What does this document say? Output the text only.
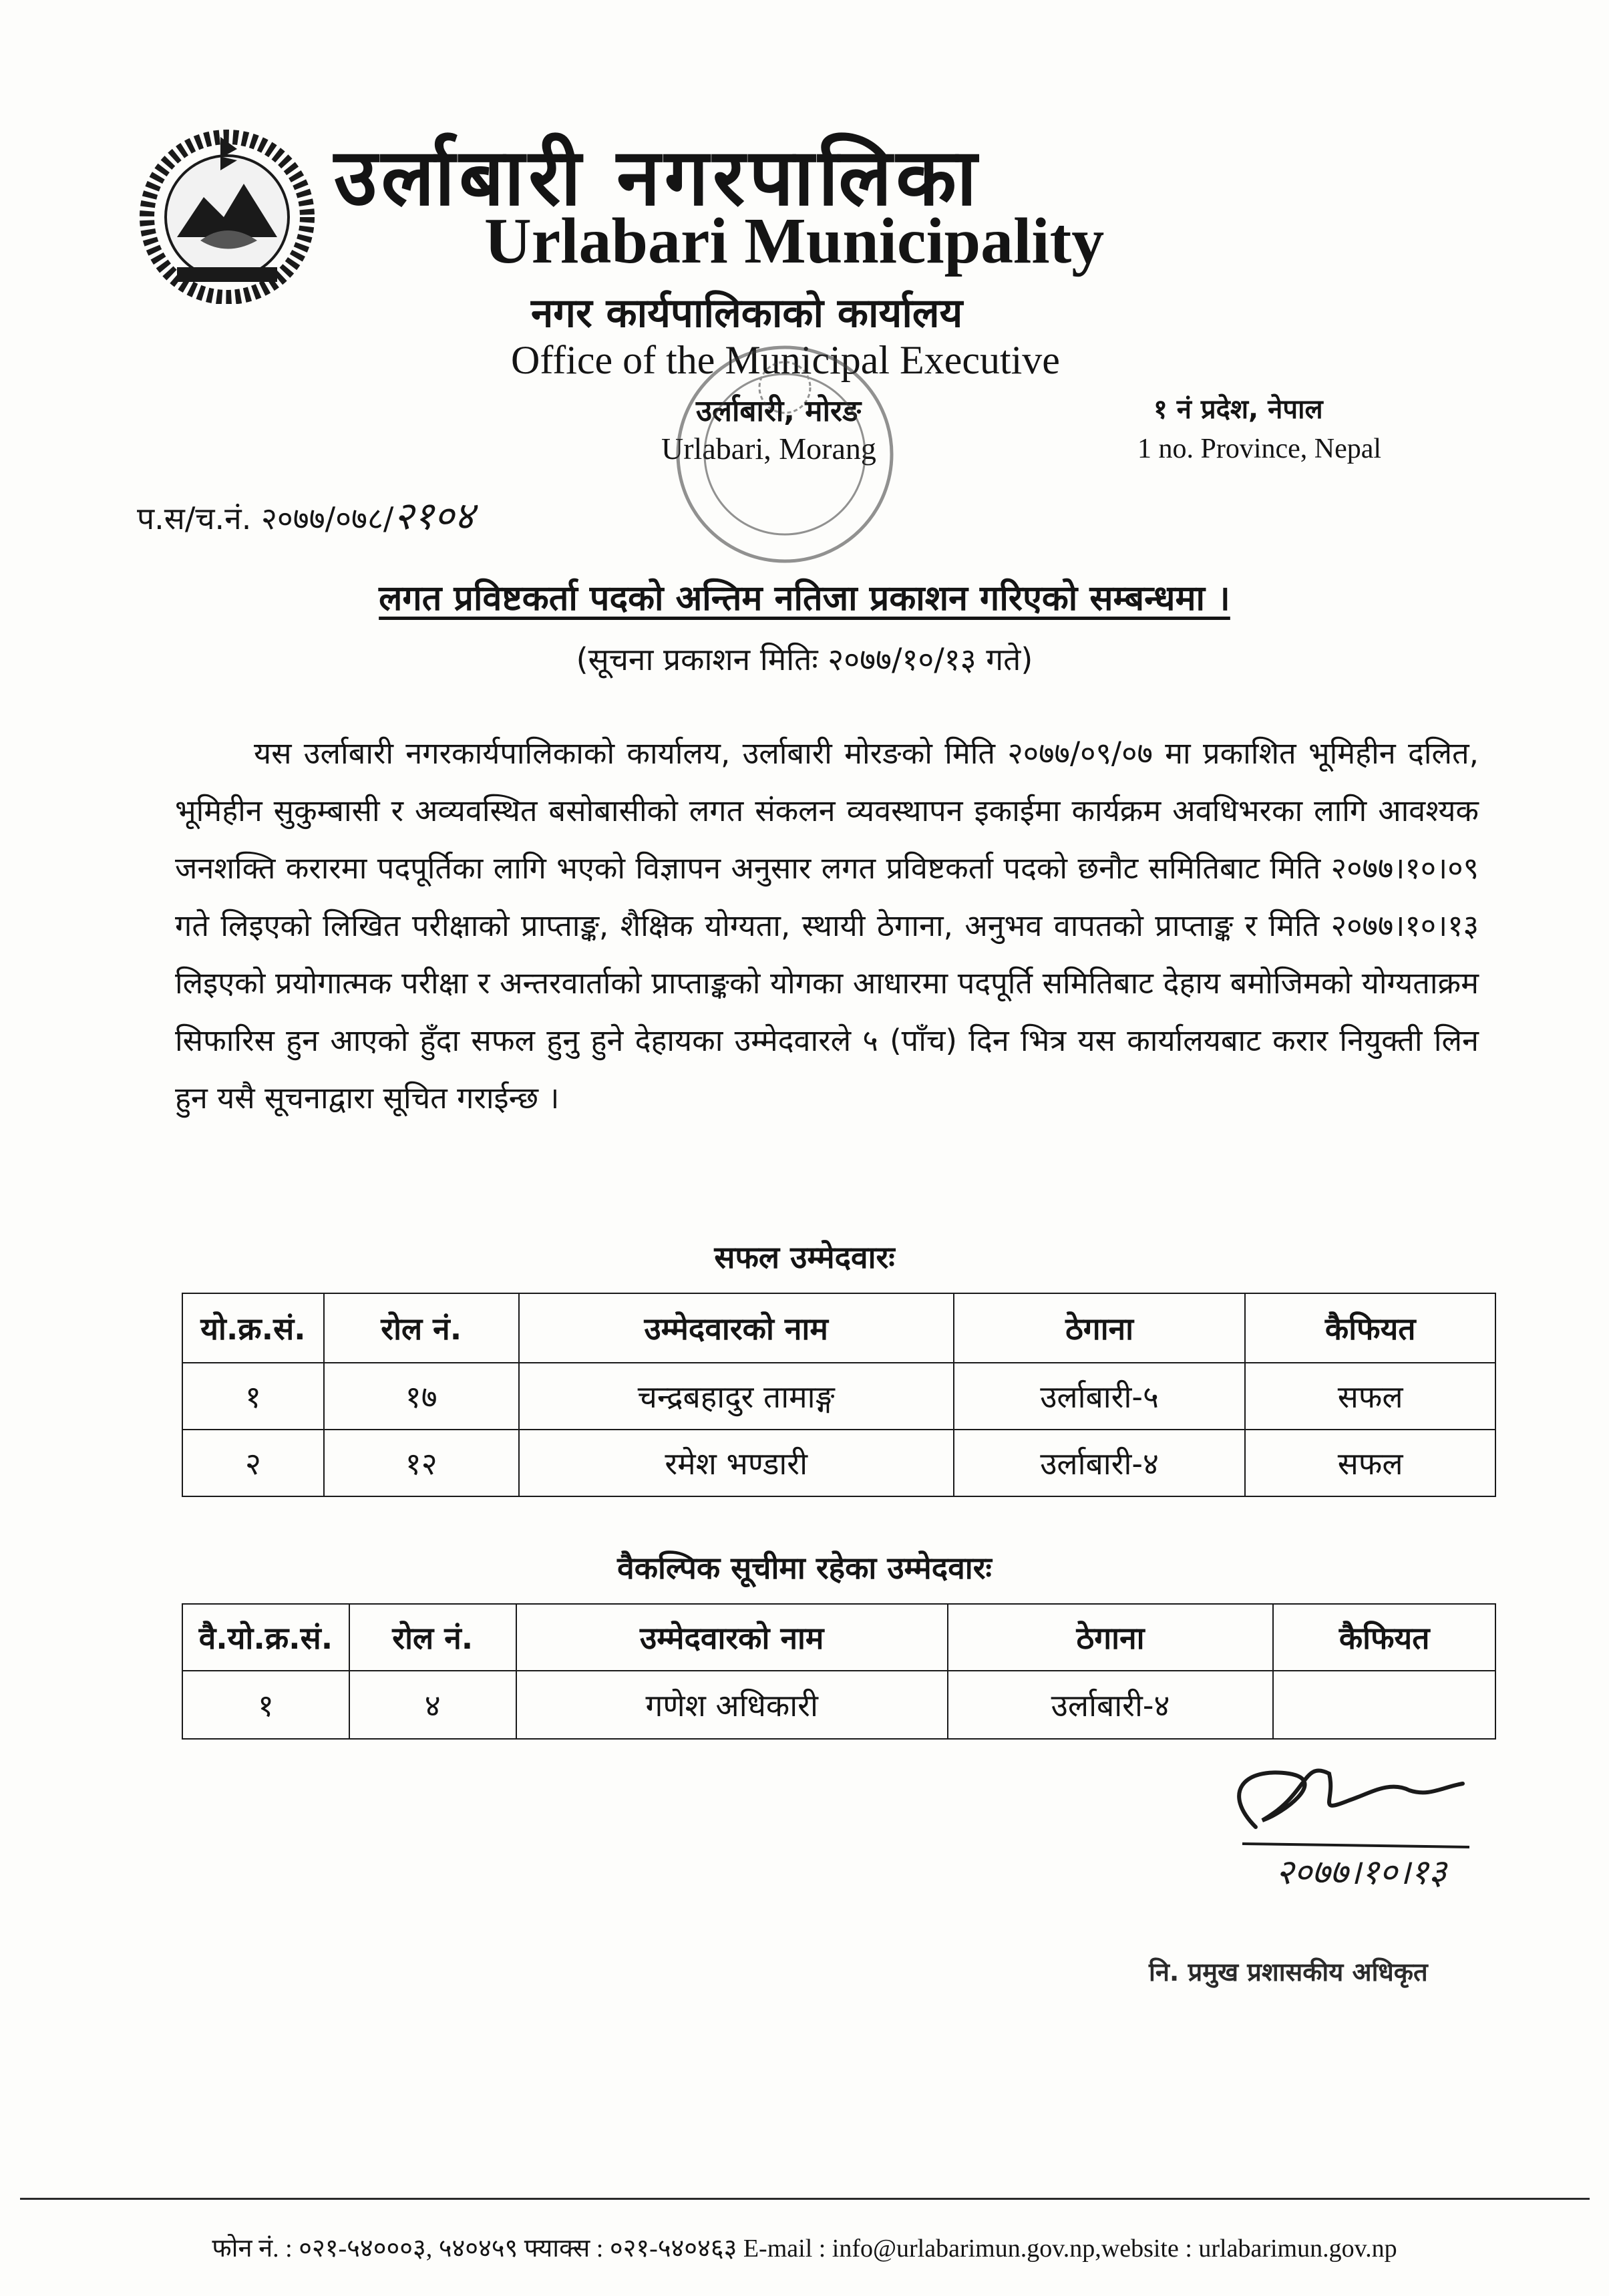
उर्लाबारी नगरपालिका
Urlabari Municipality
नगर कार्यपालिकाको कार्यालय
Office of the Municipal Executive
उर्लाबारी, मोरङ
Urlabari, Morang
१ नं प्रदेश, नेपाल
1 no. Province, Nepal
प.स/च.नं. २०७७/०७८/२१०४
लगत प्रविष्टकर्ता पदको अन्तिम नतिजा प्रकाशन गरिएको सम्बन्धमा ।
(सूचना प्रकाशन मितिः २०७७/१०/१३ गते)
यस उर्लाबारी नगरकार्यपालिकाको कार्यालय, उर्लाबारी मोरङको मिति २०७७/०९/०७ मा प्रकाशित भूमिहीन दलित, भूमिहीन सुकुम्बासी र अव्यवस्थित बसोबासीको लगत संकलन व्यवस्थापन इकाईमा कार्यक्रम अवधिभरका लागि आवश्यक जनशक्ति करारमा पदपूर्तिका लागि भएको विज्ञापन अनुसार लगत प्रविष्टकर्ता पदको छनौट समितिबाट मिति २०७७।१०।०९ गते लिइएको लिखित परीक्षाको प्राप्ताङ्क, शैक्षिक योग्यता, स्थायी ठेगाना, अनुभव वापतको प्राप्ताङ्क र मिति २०७७।१०।१३ लिइएको प्रयोगात्मक परीक्षा र अन्तरवार्ताको प्राप्ताङ्कको योगका आधारमा पदपूर्ति समितिबाट देहाय बमोजिमको योग्यताक्रम सिफारिस हुन आएको हुँदा सफल हुनु हुने देहायका उम्मेदवारले ५ (पाँच) दिन भित्र यस कार्यालयबाट करार नियुक्ती लिन हुन यसै सूचनाद्वारा सूचित गराईन्छ ।
सफल उम्मेदवारः
यो.क्र.सं.	रोल नं.	उम्मेदवारको नाम	ठेगाना	कैफियत
१	१७	चन्द्रबहादुर तामाङ्ग	उर्लाबारी-५	सफल
२	१२	रमेश भण्डारी	उर्लाबारी-४	सफल
वैकल्पिक सूचीमा रहेका उम्मेदवारः
वै.यो.क्र.सं.	रोल नं.	उम्मेदवारको नाम	ठेगाना	कैफियत
१	४	गणेश अधिकारी	उर्लाबारी-४	
२०७७।१०।१३
नि. प्रमुख प्रशासकीय अधिकृत
फोन नं. : ०२१-५४०००३, ५४०४५९ फ्याक्स : ०२१-५४०४६३ E-mail : info@urlabarimun.gov.np,website : urlabarimun.gov.np
